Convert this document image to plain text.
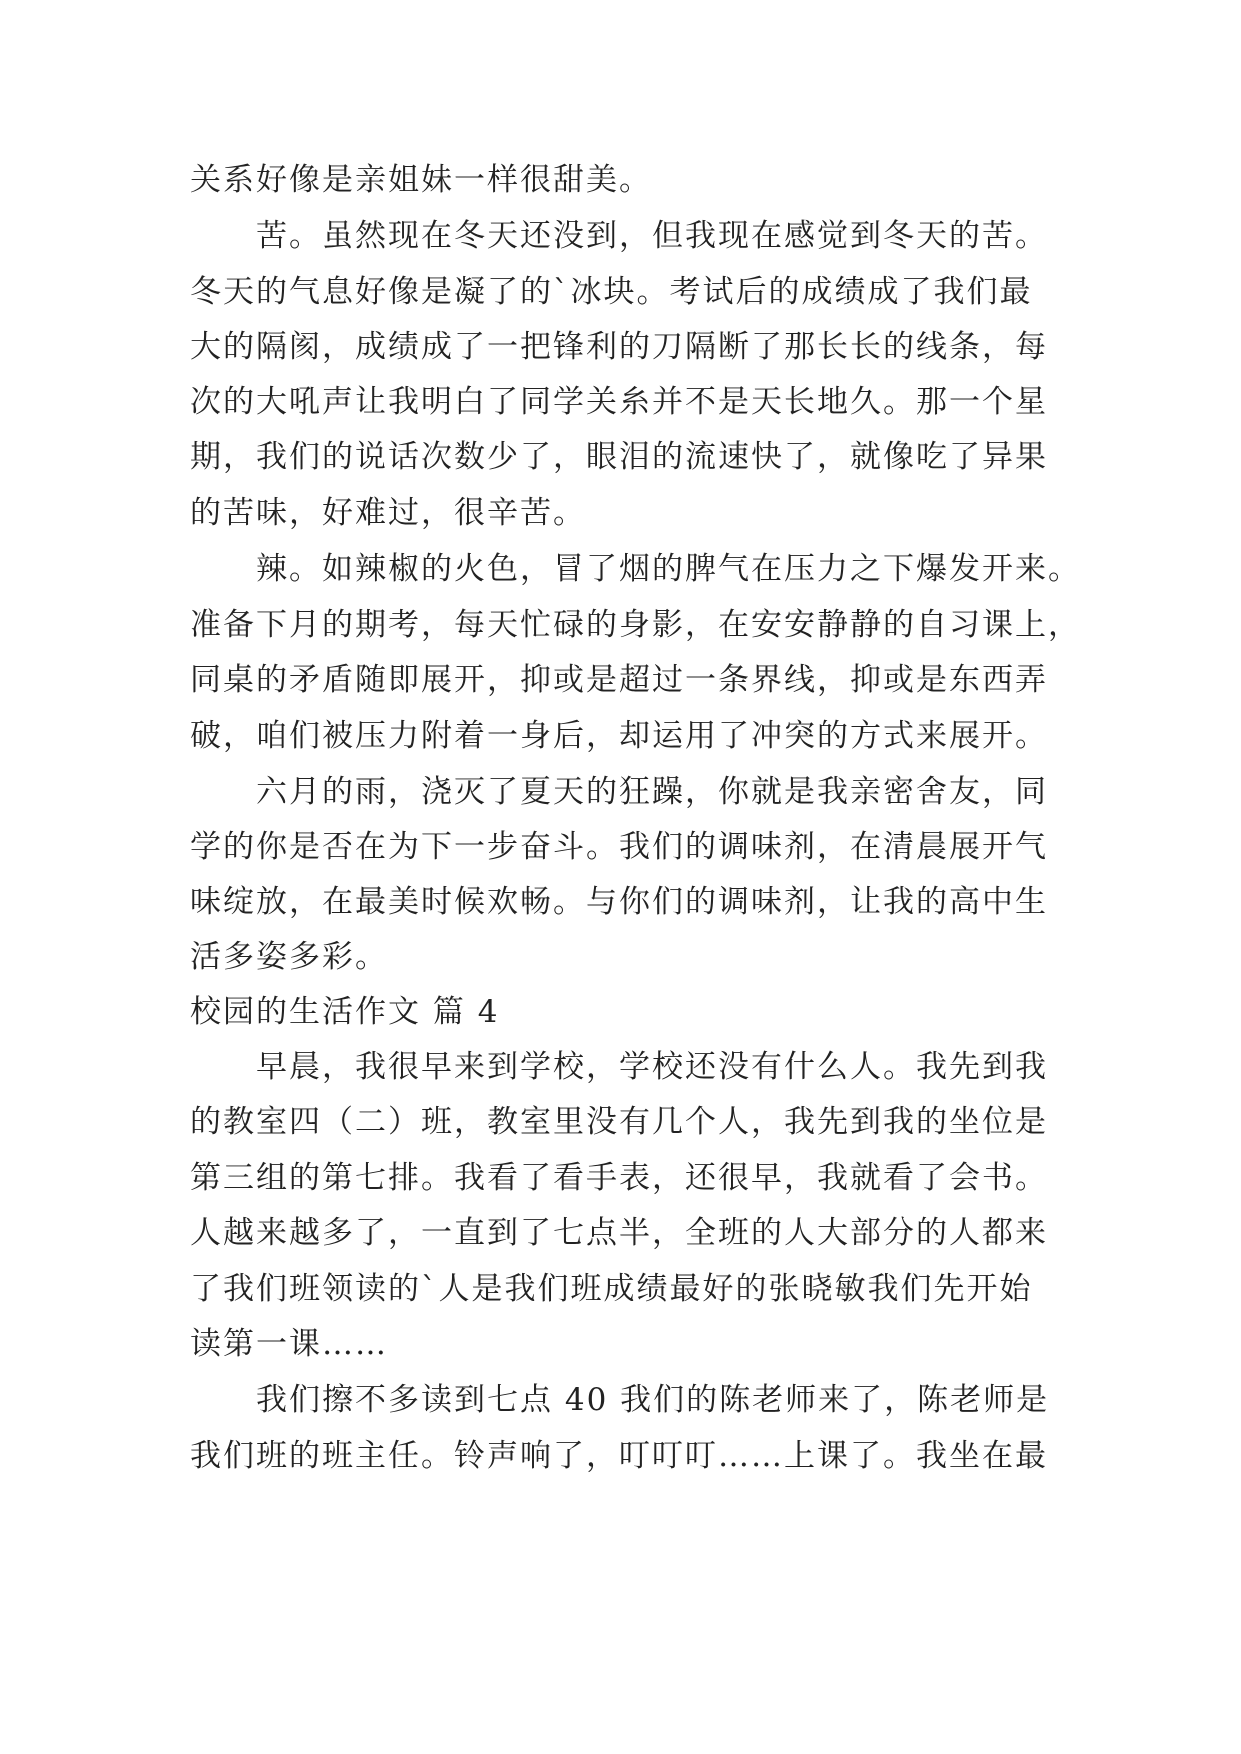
关系好像是亲姐妹一样很甜美。
苦。虽然现在冬天还没到，但我现在感觉到冬天的苦。
冬天的气息好像是凝了的`冰块。考试后的成绩成了我们最
大的隔阂，成绩成了一把锋利的刀隔断了那长长的线条，每
次的大吼声让我明白了同学关糸并不是天长地久。那一个星
期，我们的说话次数少了，眼泪的流速快了，就像吃了异果
的苦味，好难过，很辛苦。
辣。如辣椒的火色，冒了烟的脾气在压力之下爆发开来。
准备下月的期考，每天忙碌的身影，在安安静静的自习课上，
同桌的矛盾随即展开，抑或是超过一条界线，抑或是东西弄
破，咱们被压力附着一身后，却运用了冲突的方式来展开。
六月的雨，浇灭了夏天的狂躁，你就是我亲密舍友，同
学的你是否在为下一步奋斗。我们的调味剂，在清晨展开气
味绽放，在最美时候欢畅。与你们的调味剂，让我的高中生
活多姿多彩。
校园的生活作文 篇 4
早晨，我很早来到学校，学校还没有什么人。我先到我
的教室四（二）班，教室里没有几个人，我先到我的坐位是
第三组的第七排。我看了看手表，还很早，我就看了会书。
人越来越多了，一直到了七点半，全班的人大部分的人都来
了我们班领读的`人是我们班成绩最好的张晓敏我们先开始
读第一课……
我们擦不多读到七点 40 我们的陈老师来了，陈老师是
我们班的班主任。铃声响了，叮叮叮……上课了。我坐在最
